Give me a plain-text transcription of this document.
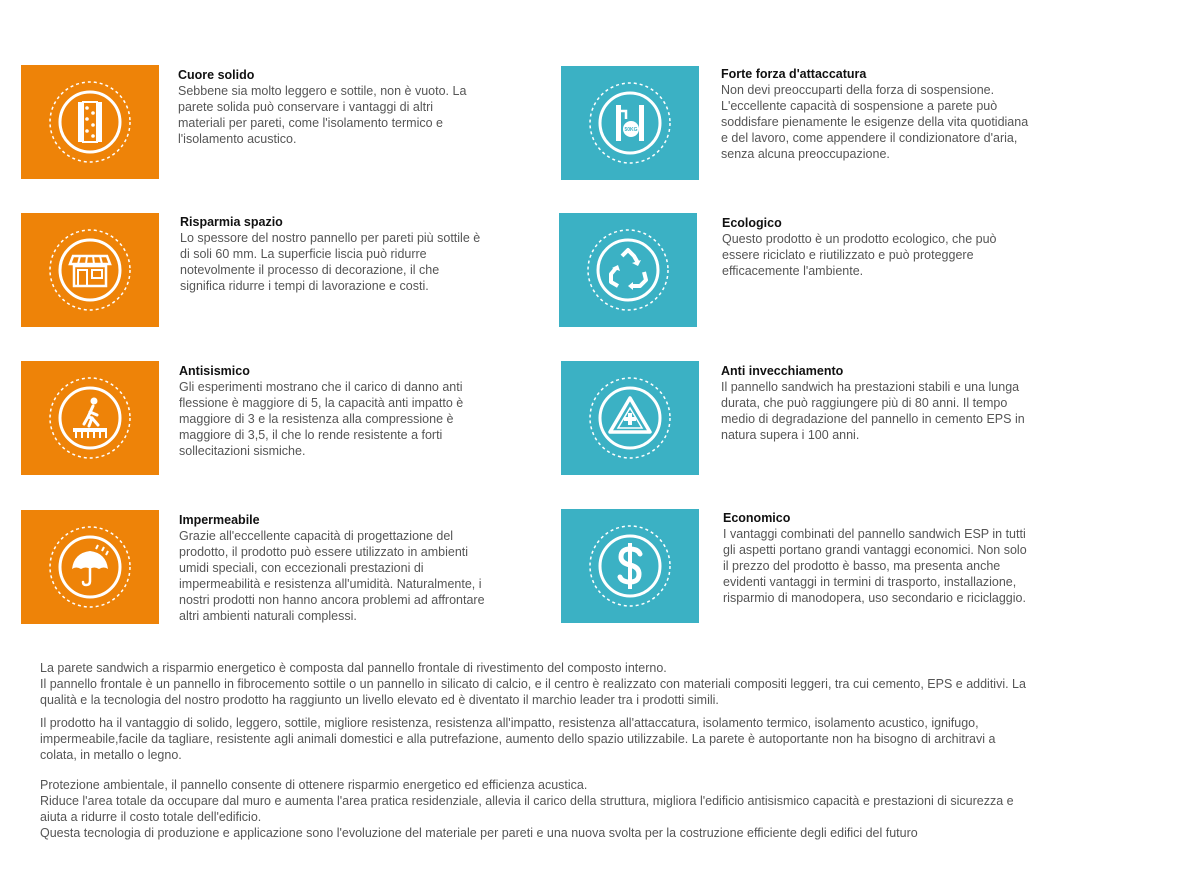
Cuore solido
Sebbene sia molto leggero e sottile, non è vuoto. La
parete solida può conservare i vantaggi di altri
materiali per pareti, come l'isolamento termico e
l'isolamento acustico.
Risparmia spazio
Lo spessore del nostro pannello per pareti più sottile è
di soli 60 mm. La superficie liscia può ridurre
notevolmente il processo di decorazione, il che
significa ridurre i tempi di lavorazione e costi.
Antisismico
Gli esperimenti mostrano che il carico di danno anti
flessione è maggiore di 5, la capacità anti impatto è
maggiore di 3 e la resistenza alla compressione è
maggiore di 3,5, il che lo rende resistente a forti
sollecitazioni sismiche.
Impermeabile
Grazie all'eccellente capacità di progettazione del
prodotto, il prodotto può essere utilizzato in ambienti
umidi speciali, con eccezionali prestazioni di
impermeabilità e resistenza all'umidità. Naturalmente, i
nostri prodotti non hanno ancora problemi ad affrontare
altri ambienti naturali complessi.
50KG
Forte forza d'attaccatura
Non devi preoccuparti della forza di sospensione.
L'eccellente capacità di sospensione a parete può
soddisfare pienamente le esigenze della vita quotidiana
e del lavoro, come appendere il condizionatore d'aria,
senza alcuna preoccupazione.
Ecologico
Questo prodotto è un prodotto ecologico, che può
essere riciclato e riutilizzato e può proteggere
efficacemente l'ambiente.
Anti invecchiamento
Il pannello sandwich ha prestazioni stabili e una lunga
durata, che può raggiungere più di 80 anni. Il tempo
medio di degradazione del pannello in cemento EPS in
natura supera i 100 anni.
Economico
I vantaggi combinati del pannello sandwich ESP in tutti
gli aspetti portano grandi vantaggi economici. Non solo
il prezzo del prodotto è basso, ma presenta anche
evidenti vantaggi in termini di trasporto, installazione,
risparmio di manodopera, uso secondario e riciclaggio.
La parete sandwich a risparmio energetico è composta dal pannello frontale di rivestimento del composto interno.
Il pannello frontale è un pannello in fibrocemento sottile o un pannello in silicato di calcio, e il centro è realizzato con materiali compositi leggeri, tra cui cemento, EPS e additivi. La
qualità e la tecnologia del nostro prodotto ha raggiunto un livello elevato ed è diventato il marchio leader tra i prodotti simili.
Il prodotto ha il vantaggio di solido, leggero, sottile, migliore resistenza, resistenza all'impatto, resistenza all'attaccatura, isolamento termico, isolamento acustico, ignifugo,
impermeabile,facile da tagliare, resistente agli animali domestici e alla putrefazione, aumento dello spazio utilizzabile. La parete è autoportante non ha bisogno di architravi a
colata, in metallo o legno.
Protezione ambientale, il pannello consente di ottenere risparmio energetico ed efficienza acustica.
Riduce l'area totale da occupare dal muro e aumenta l'area pratica residenziale, allevia il carico della struttura, migliora l'edificio antisismico capacità e prestazioni di sicurezza e
aiuta a ridurre il costo totale dell'edificio.
Questa tecnologia di produzione e applicazione sono l'evoluzione del materiale per pareti e una nuova svolta per la costruzione efficiente degli edifici del futuro
